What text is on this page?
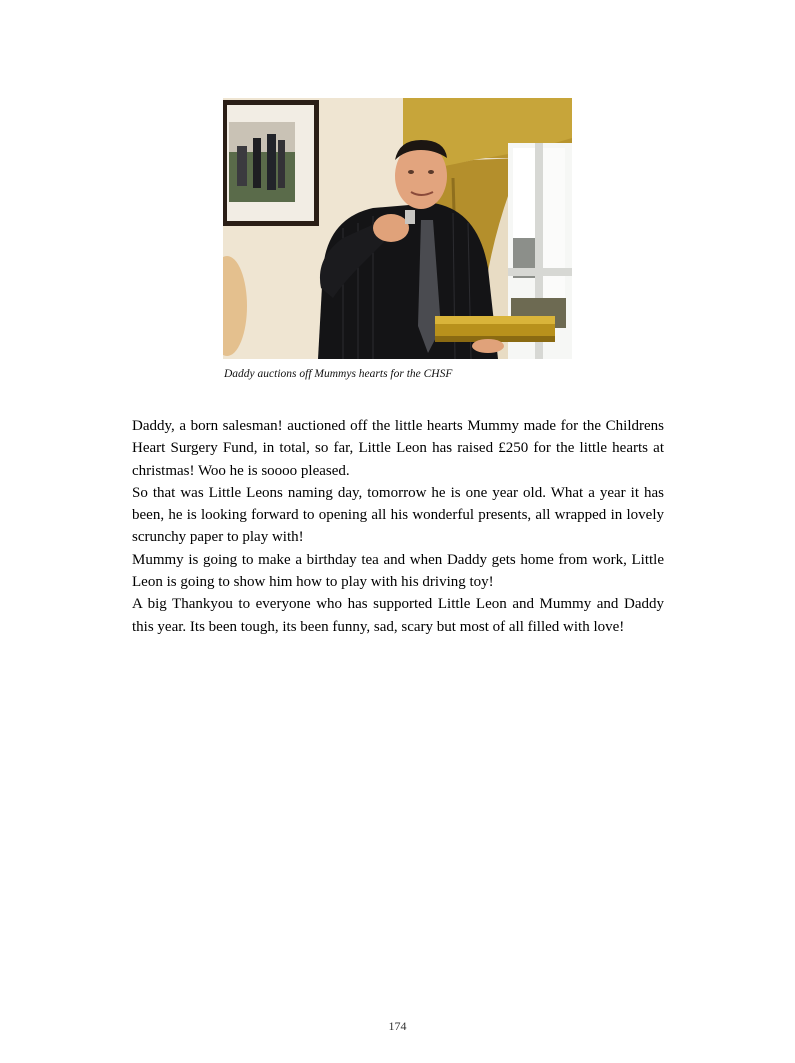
Daddy auctions off Mummys hearts for the CHSF

Daddy, a born salesman! auctioned off the little hearts Mummy made for the Childrens Heart Surgery Fund, in total, so far, Little Leon has raised £250 for the little hearts at christmas! Woo he is soooo pleased.

So that was Little Leons naming day, tomorrow he is one year old. What a year it has been, he is looking forward to opening all his wonderful presents, all wrapped in lovely scrunchy paper to play with!

Mummy is going to make a birthday tea and when Daddy gets home from work, Little Leon is going to show him how to play with his driving toy!

A big Thankyou to everyone who has supported Little Leon and Mummy and Daddy this year. Its been tough, its been funny, sad, scary but most of all filled with love!

174
